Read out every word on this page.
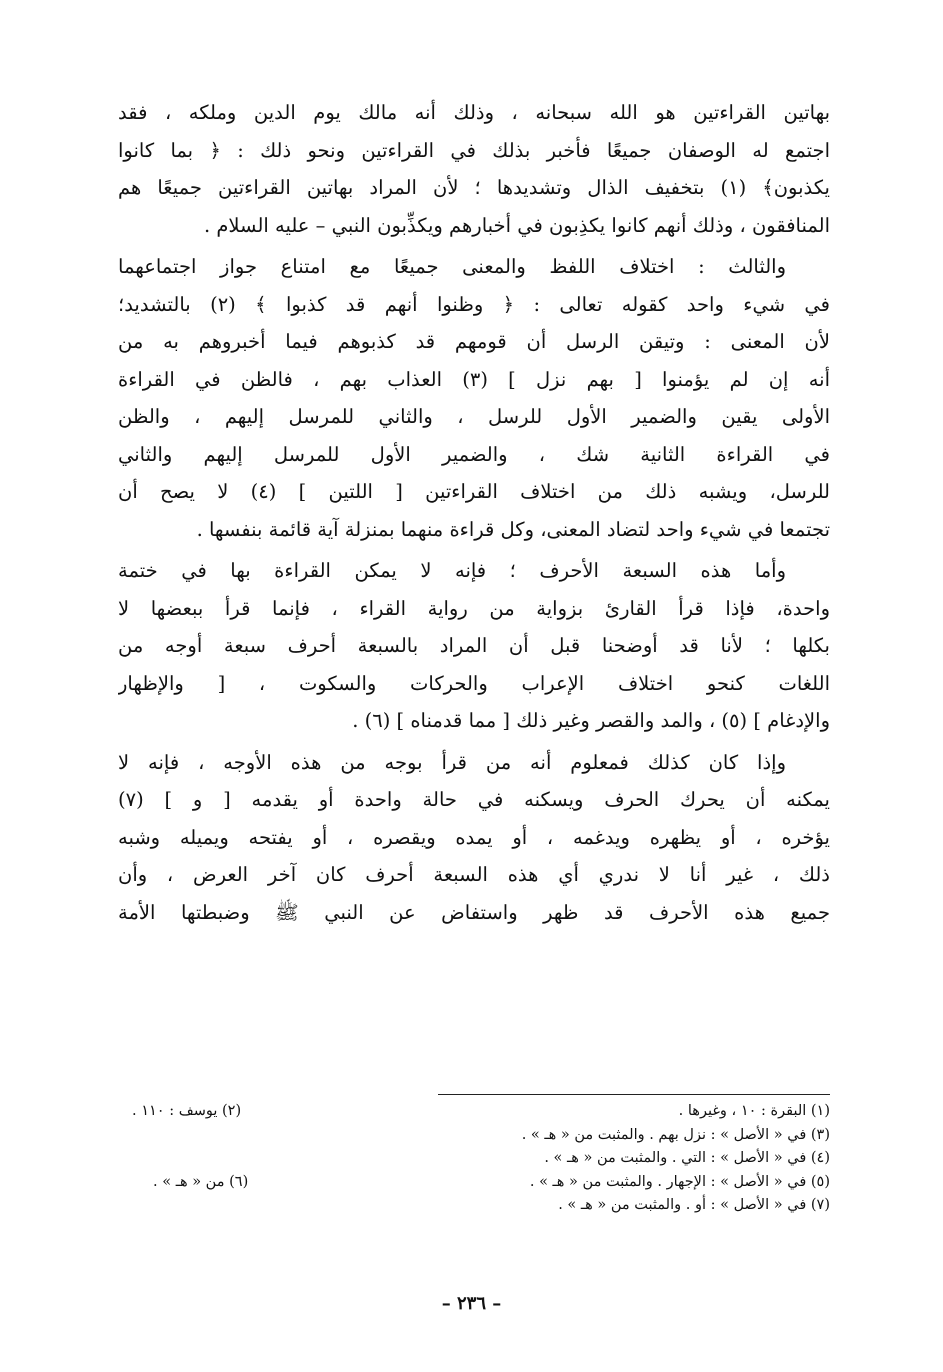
بهاتين القراءتين هو الله سبحانه ، وذلك أنه مالك يوم الدين وملكه ، فقد
اجتمع له الوصفان جميعًا فأخبر بذلك في القراءتين ونحو ذلك : ﴿ بما كانوا
يكذبون﴾ (١) بتخفيف الذال وتشديدها ؛ لأن المراد بهاتين القراءتين جميعًا هم
المنافقون ، وذلك أنهم كانوا يكذِبون في أخبارهم ويكذِّبون النبي – عليه السلام .

والثالث : اختلاف اللفظ والمعنى جميعًا مع امتناع جواز اجتماعهما
في شيء واحد كقوله تعالى : ﴿ وظنوا أنهم قد كذبوا ﴾ (٢) بالتشديد؛
لأن المعنى : وتيقن الرسل أن قومهم قد كذبوهم فيما أخبروهم به من
أنه إن لم يؤمنوا [ بهم نزل ] (٣) العذاب بهم ، فالظن في القراءة
الأولى يقين والضمير الأول للرسل ، والثاني للمرسل إليهم ، والظن
في القراءة الثانية شك ، والضمير الأول للمرسل إليهم والثاني
للرسل، ويشبه ذلك من اختلاف القراءتين [ اللتين ] (٤) لا يصح أن
تجتمعا في شيء واحد لتضاد المعنى، وكل قراءة منهما بمنزلة آية قائمة بنفسها .

وأما هذه السبعة الأحرف ؛ فإنه لا يمكن القراءة بها في ختمة
واحدة، فإذا قرأ القارئ بزواية من رواية القراء ، فإنما قرأ ببعضها لا
بكلها ؛ لأنا قد أوضحنا قبل أن المراد بالسبعة أحرف سبعة أوجه من
اللغات كنحو اختلاف الإعراب والحركات والسكوت ، [ والإظهار
والإدغام ] (٥) ، والمد والقصر وغير ذلك [ مما قدمناه ] (٦) .

وإذا كان كذلك فمعلوم أنه من قرأ بوجه من هذه الأوجه ، فإنه لا
يمكنه أن يحرك الحرف ويسكنه في حالة واحدة أو يقدمه [ و ] (٧)
يؤخره ، أو يظهره ويدغمه ، أو يمده ويقصره ، أو يفتحه ويميله وشبه
ذلك ، غير أنا لا ندري أي هذه السبعة أحرف كان آخر العرض ، وأن
جميع هذه الأحرف قد ظهر واستفاض عن النبي ﷺ وضبطتها الأمة

(١) البقرة : ١٠ ، وغيرها .
(٢) يوسف : ١١٠ .
(٣) في « الأصل » : نزل بهم . والمثبت من « هـ » .
(٤) في « الأصل » : التي . والمثبت من « هـ » .
(٥) في « الأصل » : الإجهار . والمثبت من « هـ » .
(٦) من « هـ » .
(٧) في « الأصل » : أو . والمثبت من « هـ » .
– ٢٣٦ –
